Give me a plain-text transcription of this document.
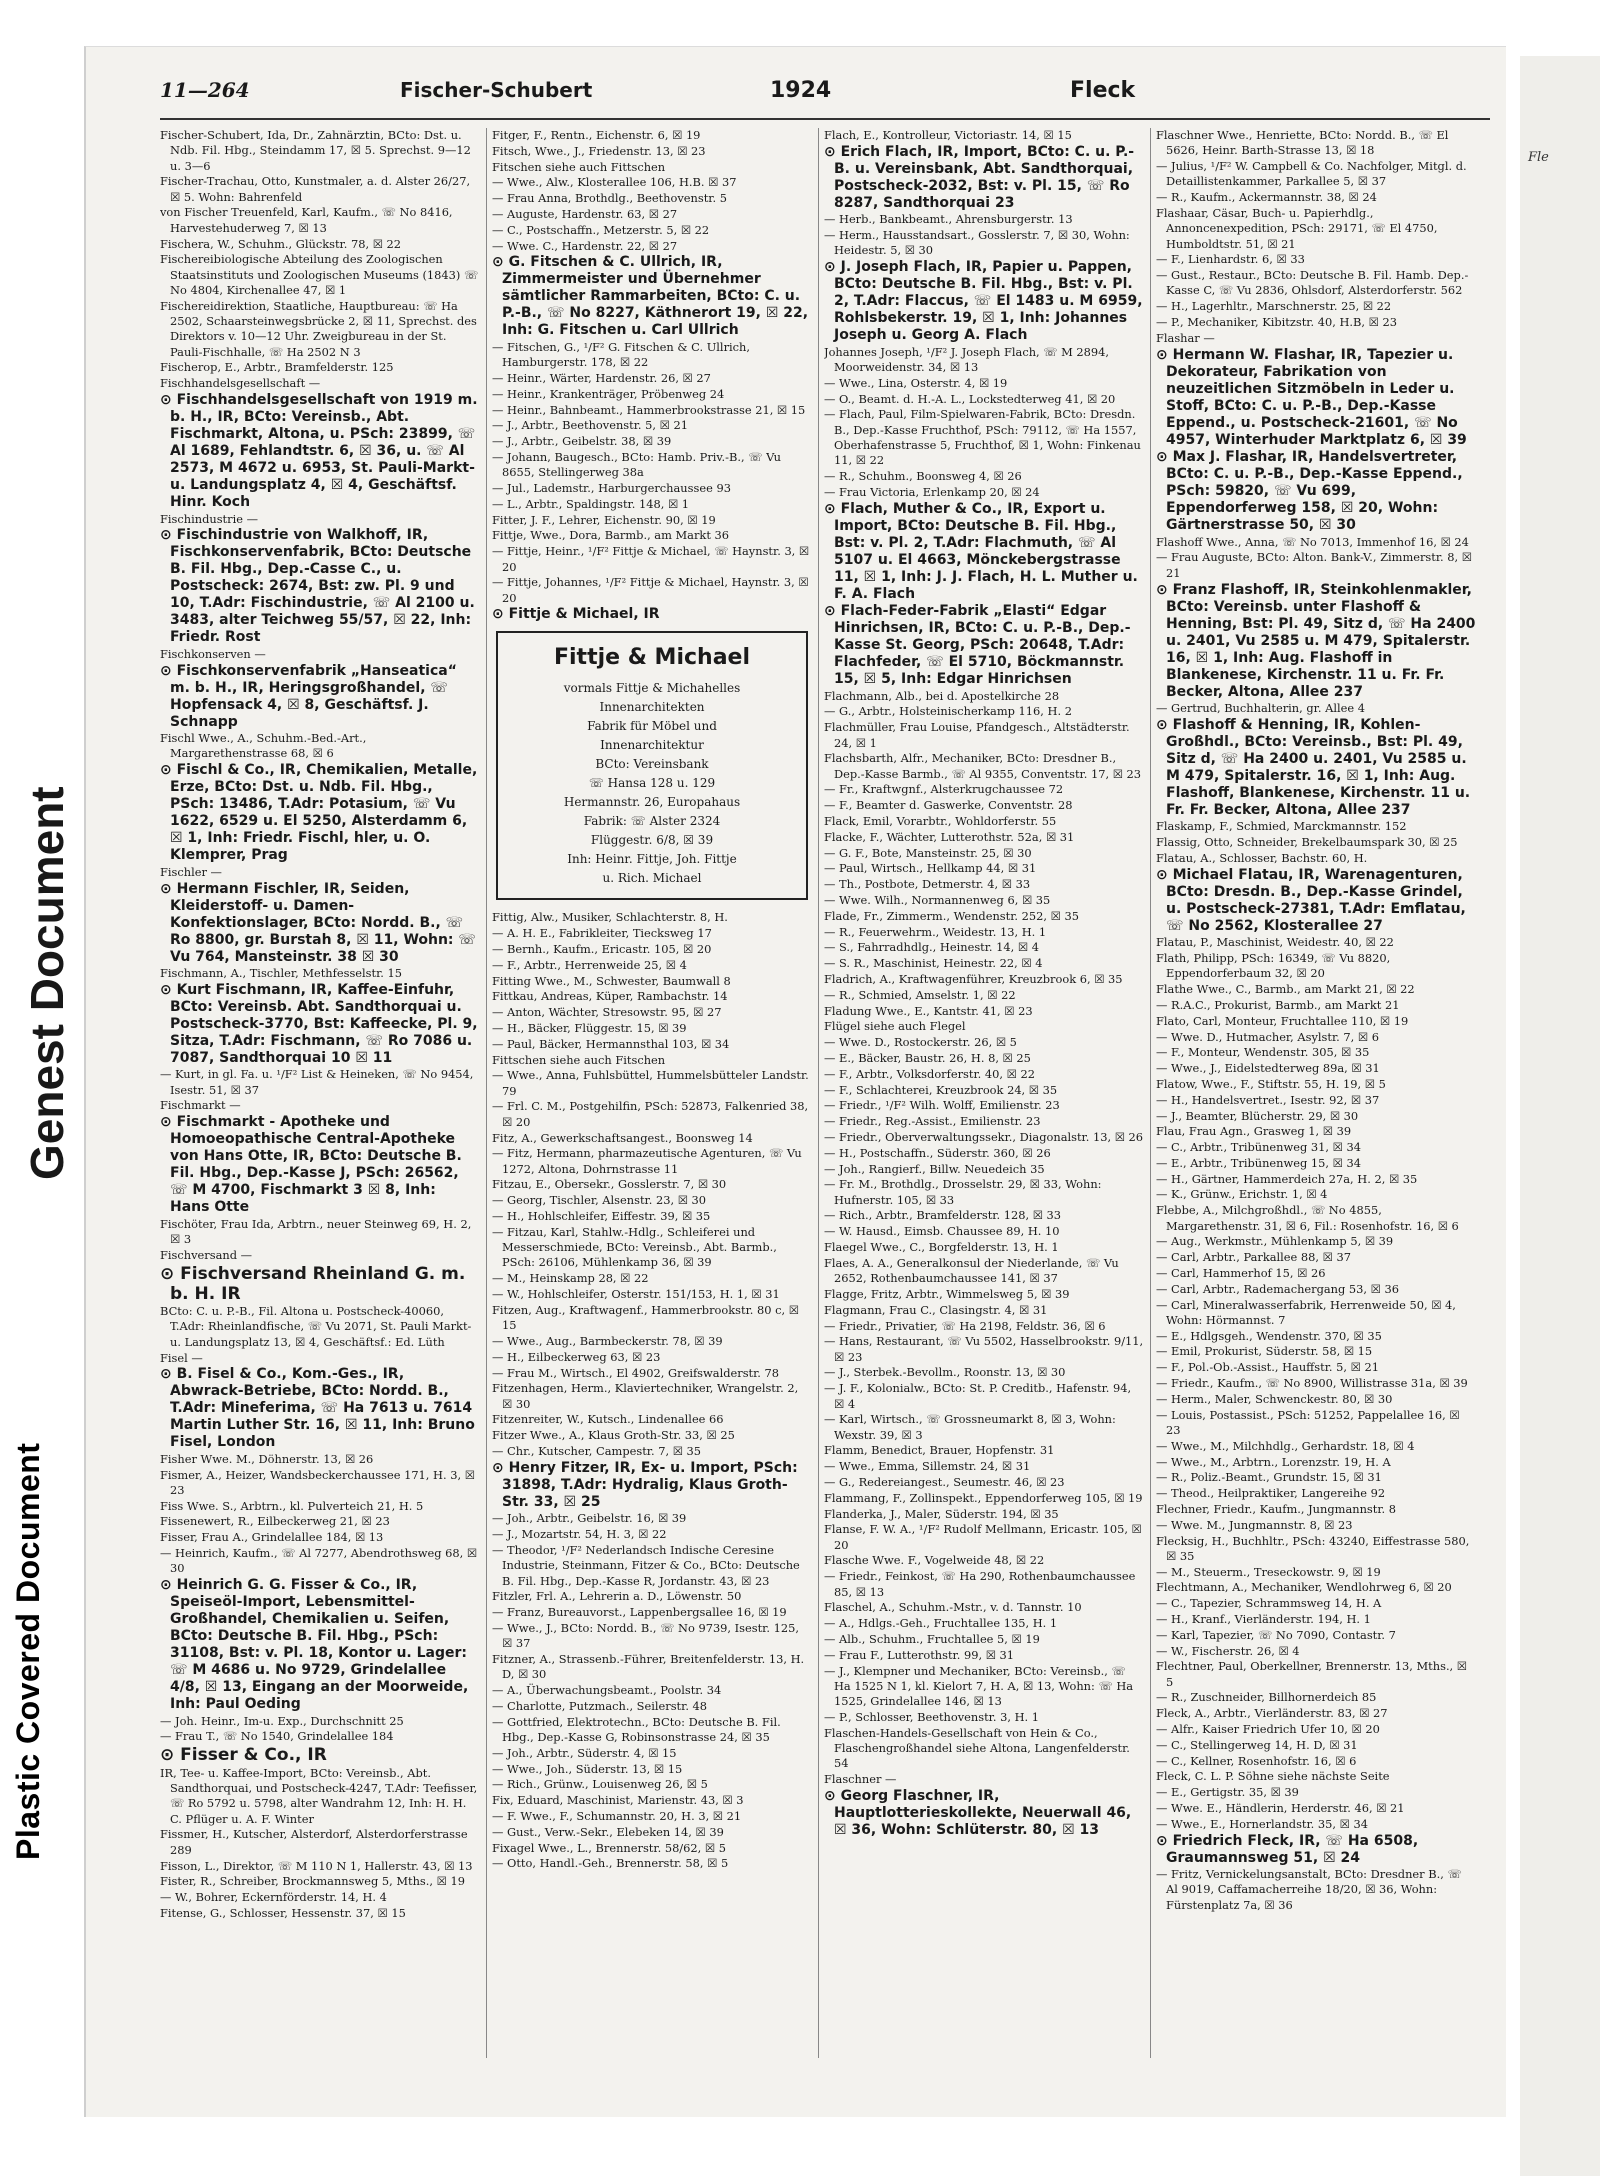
Genest Document
Plastic Covered Document
Fle
11—264	Fischer-Schubert	1924	Fleck
Fischer-Schubert, Ida, Dr., Zahnärztin, BCto: Dst. u. Ndb. Fil. Hbg., Steindamm 17, ☒ 5. Sprechst. 9—12 u. 3—6
Fischer-Trachau, Otto, Kunstmaler, a. d. Alster 26/27, ☒ 5. Wohn: Bahrenfeld
von Fischer Treuenfeld, Karl, Kaufm., ☏ No 8416, Harvestehuderweg 7, ☒ 13
Fischera, W., Schuhm., Glückstr. 78, ☒ 22
Fischereibiologische Abteilung des Zoologischen Staatsinstituts und Zoologischen Museums (1843) ☏ No 4804, Kirchenallee 47, ☒ 1
Fischereidirektion, Staatliche, Hauptbureau: ☏ Ha 2502, Schaarsteinwegsbrücke 2, ☒ 11, Sprechst. des Direktors v. 10—12 Uhr. Zweigbureau in der St. Pauli-Fischhalle, ☏ Ha 2502 N 3
Fischerop, E., Arbtr., Bramfelderstr. 125
Fischhandelsgesellschaft —
⊙ Fischhandelsgesellschaft von 1919 m. b. H., IR, BCto: Vereinsb., Abt. Fischmarkt, Altona, u. PSch: 23899, ☏ Al 1689, Fehlandtstr. 6, ☒ 36, u. ☏ Al 2573, M 4672 u. 6953, St. Pauli-Markt- u. Landungsplatz 4, ☒ 4, Geschäftsf. Hinr. Koch
Fischindustrie —
⊙ Fischindustrie von Walkhoff, IR, Fischkonservenfabrik, BCto: Deutsche B. Fil. Hbg., Dep.-Casse C., u. Postscheck: 2674, Bst: zw. Pl. 9 und 10, T.Adr: Fischindustrie, ☏ Al 2100 u. 3483, alter Teichweg 55/57, ☒ 22, Inh: Friedr. Rost
Fischkonserven —
⊙ Fischkonservenfabrik „Hanseatica“ m. b. H., IR, Heringsgroßhandel, ☏ Hopfensack 4, ☒ 8, Geschäftsf. J. Schnapp
Fischl Wwe., A., Schuhm.-Bed.-Art., Margarethenstrasse 68, ☒ 6
⊙ Fischl & Co., IR, Chemikalien, Metalle, Erze, BCto: Dst. u. Ndb. Fil. Hbg., PSch: 13486, T.Adr: Potasium, ☏ Vu 1622, 6529 u. El 5250, Alsterdamm 6, ☒ 1, Inh: Friedr. Fischl, hler, u. O. Klemprer, Prag
Fischler —
⊙ Hermann Fischler, IR, Seiden, Kleiderstoff- u. Damen-Konfektionslager, BCto: Nordd. B., ☏ Ro 8800, gr. Burstah 8, ☒ 11, Wohn: ☏ Vu 764, Mansteinstr. 38 ☒ 30
Fischmann, A., Tischler, Methfesselstr. 15
⊙ Kurt Fischmann, IR, Kaffee-Einfuhr, BCto: Vereinsb. Abt. Sandthorquai u. Postscheck-3770, Bst: Kaffeecke, Pl. 9, Sitza, T.Adr: Fischmann, ☏ Ro 7086 u. 7087, Sandthorquai 10 ☒ 11
— Kurt, in gl. Fa. u. ¹/F² List & Heineken, ☏ No 9454, Isestr. 51, ☒ 37
Fischmarkt —
⊙ Fischmarkt - Apotheke und Homoeopathische Central-Apotheke von Hans Otte, IR, BCto: Deutsche B. Fil. Hbg., Dep.-Kasse J, PSch: 26562, ☏ M 4700, Fischmarkt 3 ☒ 8, Inh: Hans Otte
Fischöter, Frau Ida, Arbtrn., neuer Steinweg 69, H. 2, ☒ 3
Fischversand —
⊙ Fischversand Rheinland G. m. b. H. IR
BCto: C. u. P.-B., Fil. Altona u. Postscheck-40060, T.Adr: Rheinlandfische, ☏ Vu 2071, St. Pauli Markt- u. Landungsplatz 13, ☒ 4, Geschäftsf.: Ed. Lüth
Fisel —
⊙ B. Fisel & Co., Kom.-Ges., IR, Abwrack-Betriebe, BCto: Nordd. B., T.Adr: Mineferima, ☏ Ha 7613 u. 7614 Martin Luther Str. 16, ☒ 11, Inh: Bruno Fisel, London
Fisher Wwe. M., Döhnerstr. 13, ☒ 26
Fismer, A., Heizer, Wandsbeckerchaussee 171, H. 3, ☒ 23
Fiss Wwe. S., Arbtrn., kl. Pulverteich 21, H. 5
Fissenewert, R., Eilbeckerweg 21, ☒ 23
Fisser, Frau A., Grindelallee 184, ☒ 13
— Heinrich, Kaufm., ☏ Al 7277, Abendrothsweg 68, ☒ 30
⊙ Heinrich G. G. Fisser & Co., IR, Speiseöl-Import, Lebensmittel-Großhandel, Chemikalien u. Seifen, BCto: Deutsche B. Fil. Hbg., PSch: 31108, Bst: v. Pl. 18, Kontor u. Lager: ☏ M 4686 u. No 9729, Grindelallee 4/8, ☒ 13, Eingang an der Moorweide, Inh: Paul Oeding
— Joh. Heinr., Im-u. Exp., Durchschnitt 25
— Frau T., ☏ No 1540, Grindelallee 184
⊙ Fisser & Co., IR
IR, Tee- u. Kaffee-Import, BCto: Vereinsb., Abt. Sandthorquai, und Postscheck-4247, T.Adr: Teefisser, ☏ Ro 5792 u. 5798, alter Wandrahm 12, Inh: H. H. C. Pflüger u. A. F. Winter
Fissmer, H., Kutscher, Alsterdorf, Alsterdorferstrasse 289
Fisson, L., Direktor, ☏ M 110 N 1, Hallerstr. 43, ☒ 13
Fister, R., Schreiber, Brockmannsweg 5, Mths., ☒ 19
— W., Bohrer, Eckernförderstr. 14, H. 4
Fitense, G., Schlosser, Hessenstr. 37, ☒ 15
Fitger, F., Rentn., Eichenstr. 6, ☒ 19
Fitsch, Wwe., J., Friedenstr. 13, ☒ 23
Fitschen siehe auch Fittschen
— Wwe., Alw., Klosterallee 106, H.B. ☒ 37
— Frau Anna, Brothdlg., Beethovenstr. 5
— Auguste, Hardenstr. 63, ☒ 27
— C., Postschaffn., Metzerstr. 5, ☒ 22
— Wwe. C., Hardenstr. 22, ☒ 27
⊙ G. Fitschen & C. Ullrich, IR, Zimmermeister und Übernehmer sämtlicher Rammarbeiten, BCto: C. u. P.-B., ☏ No 8227, Käthnerort 19, ☒ 22, Inh: G. Fitschen u. Carl Ullrich
— Fitschen, G., ¹/F² G. Fitschen & C. Ullrich, Hamburgerstr. 178, ☒ 22
— Heinr., Wärter, Hardenstr. 26, ☒ 27
— Heinr., Krankenträger, Pröbenweg 24
— Heinr., Bahnbeamt., Hammerbrookstrasse 21, ☒ 15
— J., Arbtr., Beethovenstr. 5, ☒ 21
— J., Arbtr., Geibelstr. 38, ☒ 39
— Johann, Baugesch., BCto: Hamb. Priv.-B., ☏ Vu 8655, Stellingerweg 38a
— Jul., Lademstr., Harburgerchaussee 93
— L., Arbtr., Spaldingstr. 148, ☒ 1
Fitter, J. F., Lehrer, Eichenstr. 90, ☒ 19
Fittje, Wwe., Dora, Barmb., am Markt 36
— Fittje, Heinr., ¹/F² Fittje & Michael, ☏ Haynstr. 3, ☒ 20
— Fittje, Johannes, ¹/F² Fittje & Michael, Haynstr. 3, ☒ 20
⊙ Fittje & Michael, IR
Fittje & Michael
vormals Fittje & Michahelles
Innenarchitekten
Fabrik für Möbel und
Innenarchitektur
BCto: Vereinsbank
☏ Hansa 128 u. 129
Hermannstr. 26, Europahaus
Fabrik: ☏ Alster 2324
Flüggestr. 6/8, ☒ 39
Inh: Heinr. Fittje, Joh. Fittje
u. Rich. Michael
Fittig, Alw., Musiker, Schlachterstr. 8, H.
— A. H. E., Fabrikleiter, Tiecksweg 17
— Bernh., Kaufm., Ericastr. 105, ☒ 20
— F., Arbtr., Herrenweide 25, ☒ 4
Fitting Wwe., M., Schwester, Baumwall 8
Fittkau, Andreas, Küper, Rambachstr. 14
— Anton, Wächter, Stresowstr. 95, ☒ 27
— H., Bäcker, Flüggestr. 15, ☒ 39
— Paul, Bäcker, Hermannsthal 103, ☒ 34
Fittschen siehe auch Fitschen
— Wwe., Anna, Fuhlsbüttel, Hummelsbütteler Landstr. 79
— Frl. C. M., Postgehilfin, PSch: 52873, Falkenried 38, ☒ 20
Fitz, A., Gewerkschaftsangest., Boonsweg 14
— Fitz, Hermann, pharmazeutische Agenturen, ☏ Vu 1272, Altona, Dohrnstrasse 11
Fitzau, E., Obersekr., Gosslerstr. 7, ☒ 30
— Georg, Tischler, Alsenstr. 23, ☒ 30
— H., Hohlschleifer, Eiffestr. 39, ☒ 35
— Fitzau, Karl, Stahlw.-Hdlg., Schleiferei und Messerschmiede, BCto: Vereinsb., Abt. Barmb., PSch: 26106, Mühlenkamp 36, ☒ 39
— M., Heinskamp 28, ☒ 22
— W., Hohlschleifer, Osterstr. 151/153, H. 1, ☒ 31
Fitzen, Aug., Kraftwagenf., Hammerbrookstr. 80 c, ☒ 15
— Wwe., Aug., Barmbeckerstr. 78, ☒ 39
— H., Eilbeckerweg 63, ☒ 23
— Frau M., Wirtsch., El 4902, Greifswalderstr. 78
Fitzenhagen, Herm., Klaviertechniker, Wrangelstr. 2, ☒ 30
Fitzenreiter, W., Kutsch., Lindenallee 66
Fitzer Wwe., A., Klaus Groth-Str. 33, ☒ 25
— Chr., Kutscher, Campestr. 7, ☒ 35
⊙ Henry Fitzer, IR, Ex- u. Import, PSch: 31898, T.Adr: Hydralig, Klaus Groth-Str. 33, ☒ 25
— Joh., Arbtr., Geibelstr. 16, ☒ 39
— J., Mozartstr. 54, H. 3, ☒ 22
— Theodor, ¹/F² Nederlandsch Indische Ceresine Industrie, Steinmann, Fitzer & Co., BCto: Deutsche B. Fil. Hbg., Dep.-Kasse R, Jordanstr. 43, ☒ 23
Fitzler, Frl. A., Lehrerin a. D., Löwenstr. 50
— Franz, Bureauvorst., Lappenbergsallee 16, ☒ 19
— Wwe., J., BCto: Nordd. B., ☏ No 9739, Isestr. 125, ☒ 37
Fitzner, A., Strassenb.-Führer, Breitenfelderstr. 13, H. D, ☒ 30
— A., Überwachungsbeamt., Poolstr. 34
— Charlotte, Putzmach., Seilerstr. 48
— Gottfried, Elektrotechn., BCto: Deutsche B. Fil. Hbg., Dep.-Kasse G, Robinsonstrasse 24, ☒ 35
— Joh., Arbtr., Süderstr. 4, ☒ 15
— Wwe., Joh., Süderstr. 13, ☒ 15
— Rich., Grünw., Louisenweg 26, ☒ 5
Fix, Eduard, Maschinist, Marienstr. 43, ☒ 3
— F. Wwe., F., Schumannstr. 20, H. 3, ☒ 21
— Gust., Verw.-Sekr., Elebeken 14, ☒ 39
Fixagel Wwe., L., Brennerstr. 58/62, ☒ 5
— Otto, Handl.-Geh., Brennerstr. 58, ☒ 5
Flach, E., Kontrolleur, Victoriastr. 14, ☒ 15
⊙ Erich Flach, IR, Import, BCto: C. u. P.-B. u. Vereinsbank, Abt. Sandthorquai, Postscheck-2032, Bst: v. Pl. 15, ☏ Ro 8287, Sandthorquai 23
— Herb., Bankbeamt., Ahrensburgerstr. 13
— Herm., Hausstandsart., Gosslerstr. 7, ☒ 30, Wohn: Heidestr. 5, ☒ 30
⊙ J. Joseph Flach, IR, Papier u. Pappen, BCto: Deutsche B. Fil. Hbg., Bst: v. Pl. 2, T.Adr: Flaccus, ☏ El 1483 u. M 6959, Rohlsbekerstr. 19, ☒ 1, Inh: Johannes Joseph u. Georg A. Flach
Johannes Joseph, ¹/F² J. Joseph Flach, ☏ M 2894, Moorweidenstr. 34, ☒ 13
— Wwe., Lina, Osterstr. 4, ☒ 19
— O., Beamt. d. H.-A. L., Lockstedterweg 41, ☒ 20
— Flach, Paul, Film-Spielwaren-Fabrik, BCto: Dresdn. B., Dep.-Kasse Fruchthof, PSch: 79112, ☏ Ha 1557, Oberhafenstrasse 5, Fruchthof, ☒ 1, Wohn: Finkenau 11, ☒ 22
— R., Schuhm., Boonsweg 4, ☒ 26
— Frau Victoria, Erlenkamp 20, ☒ 24
⊙ Flach, Muther & Co., IR, Export u. Import, BCto: Deutsche B. Fil. Hbg., Bst: v. Pl. 2, T.Adr: Flachmuth, ☏ Al 5107 u. El 4663, Mönckebergstrasse 11, ☒ 1, Inh: J. J. Flach, H. L. Muther u. F. A. Flach
⊙ Flach-Feder-Fabrik „Elasti“ Edgar Hinrichsen, IR, BCto: C. u. P.-B., Dep.-Kasse St. Georg, PSch: 20648, T.Adr: Flachfeder, ☏ El 5710, Böckmannstr. 15, ☒ 5, Inh: Edgar Hinrichsen
Flachmann, Alb., bei d. Apostelkirche 28
— G., Arbtr., Holsteinischerkamp 116, H. 2
Flachmüller, Frau Louise, Pfandgesch., Altstädterstr. 24, ☒ 1
Flachsbarth, Alfr., Mechaniker, BCto: Dresdner B., Dep.-Kasse Barmb., ☏ Al 9355, Conventstr. 17, ☒ 23
— Fr., Kraftwgnf., Alsterkrugchaussee 72
— F., Beamter d. Gaswerke, Conventstr. 28
Flack, Emil, Vorarbtr., Wohldorferstr. 55
Flacke, F., Wächter, Lutterothstr. 52a, ☒ 31
— G. F., Bote, Mansteinstr. 25, ☒ 30
— Paul, Wirtsch., Hellkamp 44, ☒ 31
— Th., Postbote, Detmerstr. 4, ☒ 33
— Wwe. Wilh., Normannenweg 6, ☒ 35
Flade, Fr., Zimmerm., Wendenstr. 252, ☒ 35
— R., Feuerwehrm., Weidestr. 13, H. 1
— S., Fahrradhdlg., Heinestr. 14, ☒ 4
— S. R., Maschinist, Heinestr. 22, ☒ 4
Fladrich, A., Kraftwagenführer, Kreuzbrook 6, ☒ 35
— R., Schmied, Amselstr. 1, ☒ 22
Fladung Wwe., E., Kantstr. 41, ☒ 23
Flügel siehe auch Flegel
— Wwe. D., Rostockerstr. 26, ☒ 5
— E., Bäcker, Baustr. 26, H. 8, ☒ 25
— F., Arbtr., Volksdorferstr. 40, ☒ 22
— F., Schlachterei, Kreuzbrook 24, ☒ 35
— Friedr., ¹/F² Wilh. Wolff, Emilienstr. 23
— Friedr., Reg.-Assist., Emilienstr. 23
— Friedr., Oberverwaltungssekr., Diagonalstr. 13, ☒ 26
— H., Postschaffn., Süderstr. 360, ☒ 26
— Joh., Rangierf., Billw. Neuedeich 35
— Fr. M., Brothdlg., Drosselstr. 29, ☒ 33, Wohn: Hufnerstr. 105, ☒ 33
— Rich., Arbtr., Bramfelderstr. 128, ☒ 33
— W. Hausd., Eimsb. Chaussee 89, H. 10
Flaegel Wwe., C., Borgfelderstr. 13, H. 1
Flaes, A. A., Generalkonsul der Niederlande, ☏ Vu 2652, Rothenbaumchaussee 141, ☒ 37
Flagge, Fritz, Arbtr., Wimmelsweg 5, ☒ 39
Flagmann, Frau C., Clasingstr. 4, ☒ 31
— Friedr., Privatier, ☏ Ha 2198, Feldstr. 36, ☒ 6
— Hans, Restaurant, ☏ Vu 5502, Hasselbrookstr. 9/11, ☒ 23
— J., Sterbek.-Bevollm., Roonstr. 13, ☒ 30
— J. F., Kolonialw., BCto: St. P. Creditb., Hafenstr. 94, ☒ 4
— Karl, Wirtsch., ☏ Grossneumarkt 8, ☒ 3, Wohn: Wexstr. 39, ☒ 3
Flamm, Benedict, Brauer, Hopfenstr. 31
— Wwe., Emma, Sillemstr. 24, ☒ 31
— G., Redereiangest., Seumestr. 46, ☒ 23
Flammang, F., Zollinspekt., Eppendorferweg 105, ☒ 19
Flanderka, J., Maler, Süderstr. 194, ☒ 35
Flanse, F. W. A., ¹/F² Rudolf Mellmann, Ericastr. 105, ☒ 20
Flasche Wwe. F., Vogelweide 48, ☒ 22
— Friedr., Feinkost, ☏ Ha 290, Rothenbaumchaussee 85, ☒ 13
Flaschel, A., Schuhm.-Mstr., v. d. Tannstr. 10
— A., Hdlgs.-Geh., Fruchtallee 135, H. 1
— Alb., Schuhm., Fruchtallee 5, ☒ 19
— Frau F., Lutterothstr. 99, ☒ 31
— J., Klempner und Mechaniker, BCto: Vereinsb., ☏ Ha 1525 N 1, kl. Kielort 7, H. A, ☒ 13, Wohn: ☏ Ha 1525, Grindelallee 146, ☒ 13
— P., Schlosser, Beethovenstr. 3, H. 1
Flaschen-Handels-Gesellschaft von Hein & Co., Flaschengroßhandel siehe Altona, Langenfelderstr. 54
Flaschner —
⊙ Georg Flaschner, IR, Hauptlotterieskollekte, Neuerwall 46, ☒ 36, Wohn: Schlüterstr. 80, ☒ 13
Flaschner Wwe., Henriette, BCto: Nordd. B., ☏ El 5626, Heinr. Barth-Strasse 13, ☒ 18
— Julius, ¹/F² W. Campbell & Co. Nachfolger, Mitgl. d. Detaillistenkammer, Parkallee 5, ☒ 37
— R., Kaufm., Ackermannstr. 38, ☒ 24
Flashaar, Cäsar, Buch- u. Papierhdlg., Annoncenexpedition, PSch: 29171, ☏ El 4750, Humboldtstr. 51, ☒ 21
— F., Lienhardstr. 6, ☒ 33
— Gust., Restaur., BCto: Deutsche B. Fil. Hamb. Dep.-Kasse C, ☏ Vu 2836, Ohlsdorf, Alsterdorferstr. 562
— H., Lagerhltr., Marschnerstr. 25, ☒ 22
— P., Mechaniker, Kibitzstr. 40, H.B, ☒ 23
Flashar —
⊙ Hermann W. Flashar, IR, Tapezier u. Dekorateur, Fabrikation von neuzeitlichen Sitzmöbeln in Leder u. Stoff, BCto: C. u. P.-B., Dep.-Kasse Eppend., u. Postscheck-21601, ☏ No 4957, Winterhuder Marktplatz 6, ☒ 39
⊙ Max J. Flashar, IR, Handelsvertreter, BCto: C. u. P.-B., Dep.-Kasse Eppend., PSch: 59820, ☏ Vu 699, Eppendorferweg 158, ☒ 20, Wohn: Gärtnerstrasse 50, ☒ 30
Flashoff Wwe., Anna, ☏ No 7013, Immenhof 16, ☒ 24
— Frau Auguste, BCto: Alton. Bank-V., Zimmerstr. 8, ☒ 21
⊙ Franz Flashoff, IR, Steinkohlenmakler, BCto: Vereinsb. unter Flashoff & Henning, Bst: Pl. 49, Sitz d, ☏ Ha 2400 u. 2401, Vu 2585 u. M 479, Spitalerstr. 16, ☒ 1, Inh: Aug. Flashoff in Blankenese, Kirchenstr. 11 u. Fr. Fr. Becker, Altona, Allee 237
— Gertrud, Buchhalterin, gr. Allee 4
⊙ Flashoff & Henning, IR, Kohlen-Großhdl., BCto: Vereinsb., Bst: Pl. 49, Sitz d, ☏ Ha 2400 u. 2401, Vu 2585 u. M 479, Spitalerstr. 16, ☒ 1, Inh: Aug. Flashoff, Blankenese, Kirchenstr. 11 u. Fr. Fr. Becker, Altona, Allee 237
Flaskamp, F., Schmied, Marckmannstr. 152
Flassig, Otto, Schneider, Brekelbaumspark 30, ☒ 25
Flatau, A., Schlosser, Bachstr. 60, H.
⊙ Michael Flatau, IR, Warenagenturen, BCto: Dresdn. B., Dep.-Kasse Grindel, u. Postscheck-27381, T.Adr: Emflatau, ☏ No 2562, Klosterallee 27
Flatau, P., Maschinist, Weidestr. 40, ☒ 22
Flath, Philipp, PSch: 16349, ☏ Vu 8820, Eppendorferbaum 32, ☒ 20
Flathe Wwe., C., Barmb., am Markt 21, ☒ 22
— R.A.C., Prokurist, Barmb., am Markt 21
Flato, Carl, Monteur, Fruchtallee 110, ☒ 19
— Wwe. D., Hutmacher, Asylstr. 7, ☒ 6
— F., Monteur, Wendenstr. 305, ☒ 35
— Wwe., J., Eidelstedterweg 89a, ☒ 31
Flatow, Wwe., F., Stiftstr. 55, H. 19, ☒ 5
— H., Handelsvertret., Isestr. 92, ☒ 37
— J., Beamter, Blücherstr. 29, ☒ 30
Flau, Frau Agn., Grasweg 1, ☒ 39
— C., Arbtr., Tribünenweg 31, ☒ 34
— E., Arbtr., Tribünenweg 15, ☒ 34
— H., Gärtner, Hammerdeich 27a, H. 2, ☒ 35
— K., Grünw., Erichstr. 1, ☒ 4
Flebbe, A., Milchgroßhdl., ☏ No 4855, Margarethenstr. 31, ☒ 6, Fil.: Rosenhofstr. 16, ☒ 6
— Aug., Werkmstr., Mühlenkamp 5, ☒ 39
— Carl, Arbtr., Parkallee 88, ☒ 37
— Carl, Hammerhof 15, ☒ 26
— Carl, Arbtr., Rademachergang 53, ☒ 36
— Carl, Mineralwasserfabrik, Herrenweide 50, ☒ 4, Wohn: Hörmannst. 7
— E., Hdlgsgeh., Wendenstr. 370, ☒ 35
— Emil, Prokurist, Süderstr. 58, ☒ 15
— F., Pol.-Ob.-Assist., Hauffstr. 5, ☒ 21
— Friedr., Kaufm., ☏ No 8900, Willistrasse 31a, ☒ 39
— Herm., Maler, Schwenckestr. 80, ☒ 30
— Louis, Postassist., PSch: 51252, Pappelallee 16, ☒ 23
— Wwe., M., Milchhdlg., Gerhardstr. 18, ☒ 4
— Wwe., M., Arbtrn., Lorenzstr. 19, H. A
— R., Poliz.-Beamt., Grundstr. 15, ☒ 31
— Theod., Heilpraktiker, Langereihe 92
Flechner, Friedr., Kaufm., Jungmannstr. 8
— Wwe. M., Jungmannstr. 8, ☒ 23
Flecksig, H., Buchhltr., PSch: 43240, Eiffestrasse 580, ☒ 35
— M., Steuerm., Treseckowstr. 9, ☒ 19
Flechtmann, A., Mechaniker, Wendlohrweg 6, ☒ 20
— C., Tapezier, Schrammsweg 14, H. A
— H., Kranf., Vierländerstr. 194, H. 1
— Karl, Tapezier, ☏ No 7090, Contastr. 7
— W., Fischerstr. 26, ☒ 4
Flechtner, Paul, Oberkellner, Brennerstr. 13, Mths., ☒ 5
— R., Zuschneider, Billhornerdeich 85
Fleck, A., Arbtr., Vierländerstr. 83, ☒ 27
— Alfr., Kaiser Friedrich Ufer 10, ☒ 20
— C., Stellingerweg 14, H. D, ☒ 31
— C., Kellner, Rosenhofstr. 16, ☒ 6
Fleck, C. L. P. Söhne siehe nächste Seite
— E., Gertigstr. 35, ☒ 39
— Wwe. E., Händlerin, Herderstr. 46, ☒ 21
— Wwe., E., Hornerlandstr. 35, ☒ 34
⊙ Friedrich Fleck, IR, ☏ Ha 6508, Graumannsweg 51, ☒ 24
— Fritz, Vernickelungsanstalt, BCto: Dresdner B., ☏ Al 9019, Caffamacherreihe 18/20, ☒ 36, Wohn: Fürstenplatz 7a, ☒ 36
